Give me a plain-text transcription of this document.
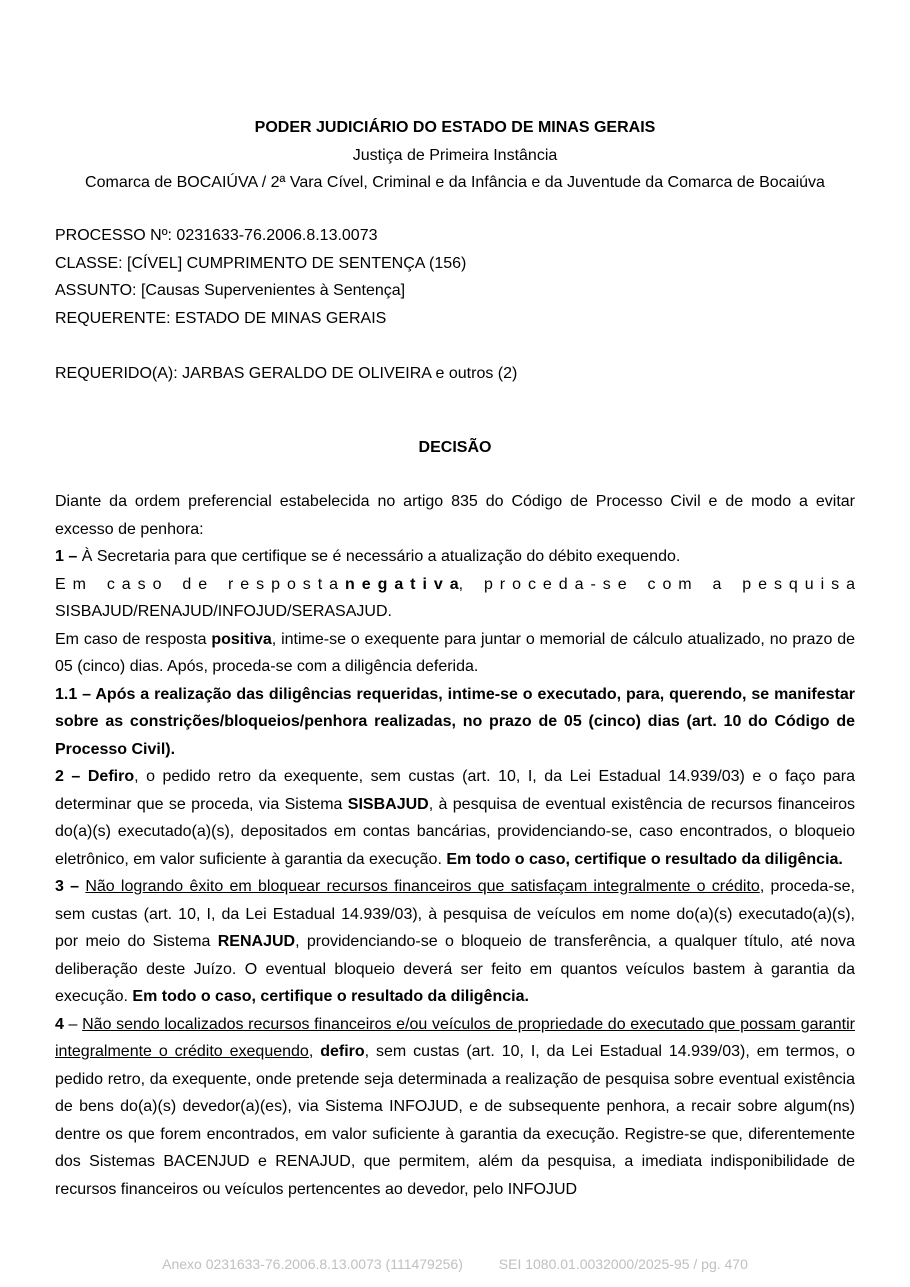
PODER JUDICIÁRIO DO ESTADO DE MINAS GERAIS
Justiça de Primeira Instância
Comarca de BOCAIÚVA / 2ª Vara Cível, Criminal e da Infância e da Juventude da Comarca de Bocaiúva
PROCESSO Nº: 0231633-76.2006.8.13.0073
CLASSE: [CÍVEL] CUMPRIMENTO DE SENTENÇA (156)
ASSUNTO: [Causas Supervenientes à Sentença]
REQUERENTE: ESTADO DE MINAS GERAIS
REQUERIDO(A): JARBAS GERALDO DE OLIVEIRA e outros (2)
DECISÃO

Diante da ordem preferencial estabelecida no artigo 835 do Código de Processo Civil e de modo a evitar excesso de penhora:

1 – À Secretaria para que certifique se é necessário a atualização do débito exequendo.

E m   c a s o   d e   r e s p o s t a n e g a t i v a,   p r o c e d a - s e   c o m   a   p e s q u i s a

SISBAJUD/RENAJUD/INFOJUD/SERASAJUD.

Em caso de resposta positiva, intime-se o exequente para juntar o memorial de cálculo atualizado, no prazo de 05 (cinco) dias. Após, proceda-se com a diligência deferida.

1.1 – Após a realização das diligências requeridas, intime-se o executado, para, querendo, se manifestar sobre as constrições/bloqueios/penhora realizadas, no prazo de 05 (cinco) dias (art. 10 do Código de Processo Civil).

2 – Defiro, o pedido retro da exequente, sem custas (art. 10, I, da Lei Estadual 14.939/03) e o faço para determinar que se proceda, via Sistema SISBAJUD, à pesquisa de eventual existência de recursos financeiros do(a)(s) executado(a)(s), depositados em contas bancárias, providenciando-se, caso encontrados, o bloqueio eletrônico, em valor suficiente à garantia da execução. Em todo o caso, certifique o resultado da diligência.

3 – Não logrando êxito em bloquear recursos financeiros que satisfaçam integralmente o crédito, proceda-se, sem custas (art. 10, I, da Lei Estadual 14.939/03), à pesquisa de veículos em nome do(a)(s) executado(a)(s), por meio do Sistema RENAJUD, providenciando-se o bloqueio de transferência, a qualquer título, até nova deliberação deste Juízo. O eventual bloqueio deverá ser feito em quantos veículos bastem à garantia da execução. Em todo o caso, certifique o resultado da diligência.

4 – Não sendo localizados recursos financeiros e/ou veículos de propriedade do executado que possam garantir integralmente o crédito exequendo, defiro, sem custas (art. 10, I, da Lei Estadual 14.939/03), em termos, o pedido retro, da exequente, onde pretende seja determinada a realização de pesquisa sobre eventual existência de bens do(a)(s) devedor(a)(es), via Sistema INFOJUD, e de subsequente penhora, a recair sobre algum(ns) dentre os que forem encontrados, em valor suficiente à garantia da execução. Registre-se que, diferentemente dos Sistemas BACENJUD e RENAJUD, que permitem, além da pesquisa, a imediata indisponibilidade de recursos financeiros ou veículos pertencentes ao devedor, pelo INFOJUD

Anexo 0231633-76.2006.8.13.0073 (111479256)	SEI 1080.01.0032000/2025-95 / pg. 470
